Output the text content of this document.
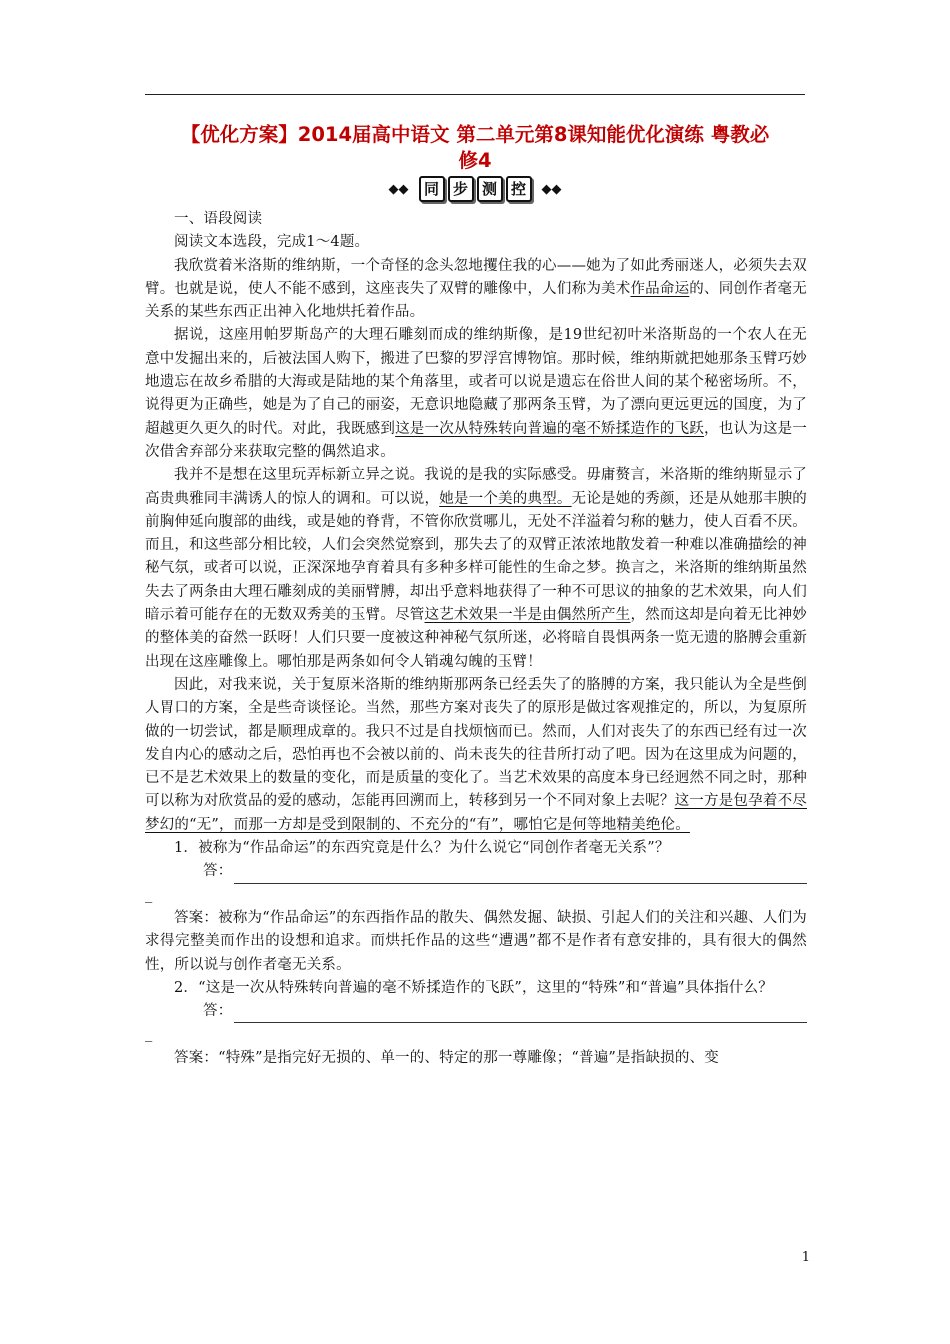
【优化方案】2014届高中语文 第二单元第8课知能优化演练 粤教必
修4
◆◆	同 步 测 控	◆◆

一、语段阅读

阅读文本选段，完成1～4题。

我欣赏着米洛斯的维纳斯，一个奇怪的念头忽地攫住我的心——她为了如此秀丽迷人，必须失去双臂。也就是说，使人不能不感到，这座丧失了双臂的雕像中，人们称为美术作品命运的、同创作者毫无关系的某些东西正出神入化地烘托着作品。

据说，这座用帕罗斯岛产的大理石雕刻而成的维纳斯像，是19世纪初叶米洛斯岛的一个农人在无意中发掘出来的，后被法国人购下，搬进了巴黎的罗浮宫博物馆。那时候，维纳斯就把她那条玉臂巧妙地遗忘在故乡希腊的大海或是陆地的某个角落里，或者可以说是遗忘在俗世人间的某个秘密场所。不，说得更为正确些，她是为了自己的丽姿，无意识地隐藏了那两条玉臂，为了漂向更远更远的国度，为了超越更久更久的时代。对此，我既感到这是一次从特殊转向普遍的毫不矫揉造作的飞跃，也认为这是一次借舍弃部分来获取完整的偶然追求。

我并不是想在这里玩弄标新立异之说。我说的是我的实际感受。毋庸赘言，米洛斯的维纳斯显示了高贵典雅同丰满诱人的惊人的调和。可以说，她是一个美的典型。无论是她的秀颜，还是从她那丰腴的前胸伸延向腹部的曲线，或是她的脊背，不管你欣赏哪儿，无处不洋溢着匀称的魅力，使人百看不厌。而且，和这些部分相比较，人们会突然觉察到，那失去了的双臂正浓浓地散发着一种难以准确描绘的神秘气氛，或者可以说，正深深地孕育着具有多种多样可能性的生命之梦。换言之，米洛斯的维纳斯虽然失去了两条由大理石雕刻成的美丽臂膊，却出乎意料地获得了一种不可思议的抽象的艺术效果，向人们暗示着可能存在的无数双秀美的玉臂。尽管这艺术效果一半是由偶然所产生，然而这却是向着无比神妙的整体美的奋然一跃呀！人们只要一度被这种神秘气氛所迷，必将暗自畏惧两条一览无遗的胳膊会重新出现在这座雕像上。哪怕那是两条如何令人销魂勾魄的玉臂！

因此，对我来说，关于复原米洛斯的维纳斯那两条已经丢失了的胳膊的方案，我只能认为全是些倒人胃口的方案，全是些奇谈怪论。当然，那些方案对丧失了的原形是做过客观推定的，所以，为复原所做的一切尝试，都是顺理成章的。我只不过是自找烦恼而已。然而，人们对丧失了的东西已经有过一次发自内心的感动之后，恐怕再也不会被以前的、尚未丧失的往昔所打动了吧。因为在这里成为问题的，已不是艺术效果上的数量的变化，而是质量的变化了。当艺术效果的高度本身已经迥然不同之时，那种可以称为对欣赏品的爱的感动，怎能再回溯而上，转移到另一个不同对象上去呢？这一方是包孕着不尽梦幻的“无”，而那一方却是受到限制的、不充分的“有”，哪怕它是何等地精美绝伦。

1．被称为“作品命运”的东西究竟是什么？为什么说它“同创作者毫无关系”？

答：

_

答案：被称为“作品命运”的东西指作品的散失、偶然发掘、缺损、引起人们的关注和兴趣、人们为求得完整美而作出的设想和追求。而烘托作品的这些“遭遇”都不是作者有意安排的，具有很大的偶然性，所以说与创作者毫无关系。

2．“这是一次从特殊转向普遍的毫不矫揉造作的飞跃”，这里的“特殊”和“普遍”具体指什么？

答：

_

答案：“特殊”是指完好无损的、单一的、特定的那一尊雕像；“普遍”是指缺损的、变

1
